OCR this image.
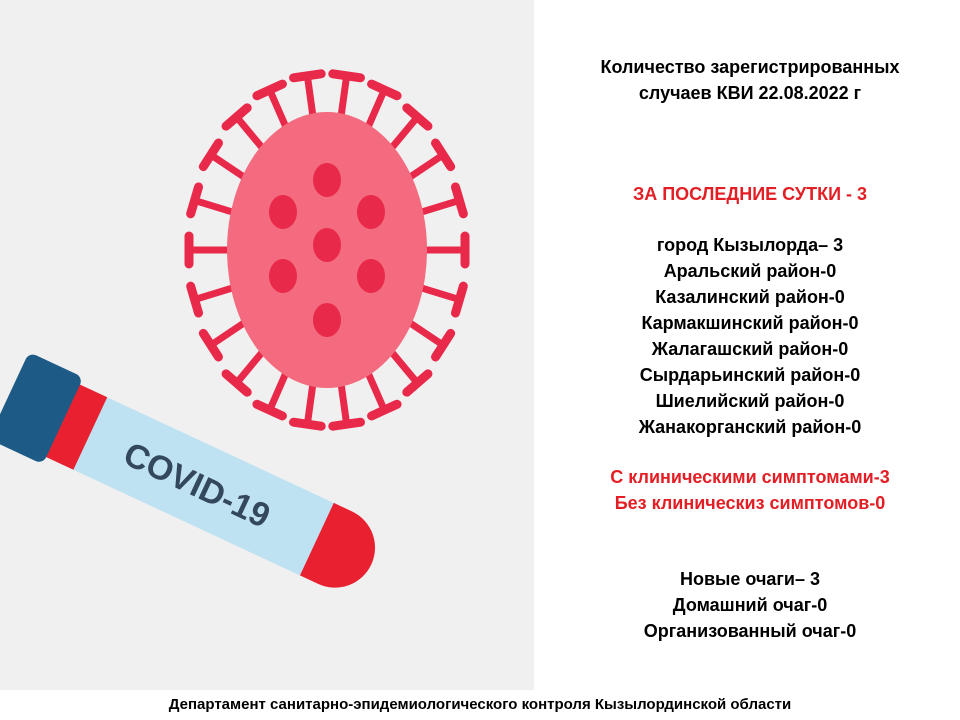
COVID-19
Количество зарегистрированных
случаев КВИ 22.08.2022 г
ЗА ПОСЛЕДНИЕ СУТКИ - 3
город Кызылорда– 3
Аральский район-0
Казалинский район-0
Кармакшинский район-0
Жалагашский район-0
Сырдарьинский район-0
Шиелийский район-0
Жанакорганский район-0
С клиническими симптомами-3
Без клиническиз симптомов-0
Новые очаги– 3
Домашний очаг-0
Организованный очаг-0
Департамент санитарно-эпидемиологического контроля Кызылординской области
